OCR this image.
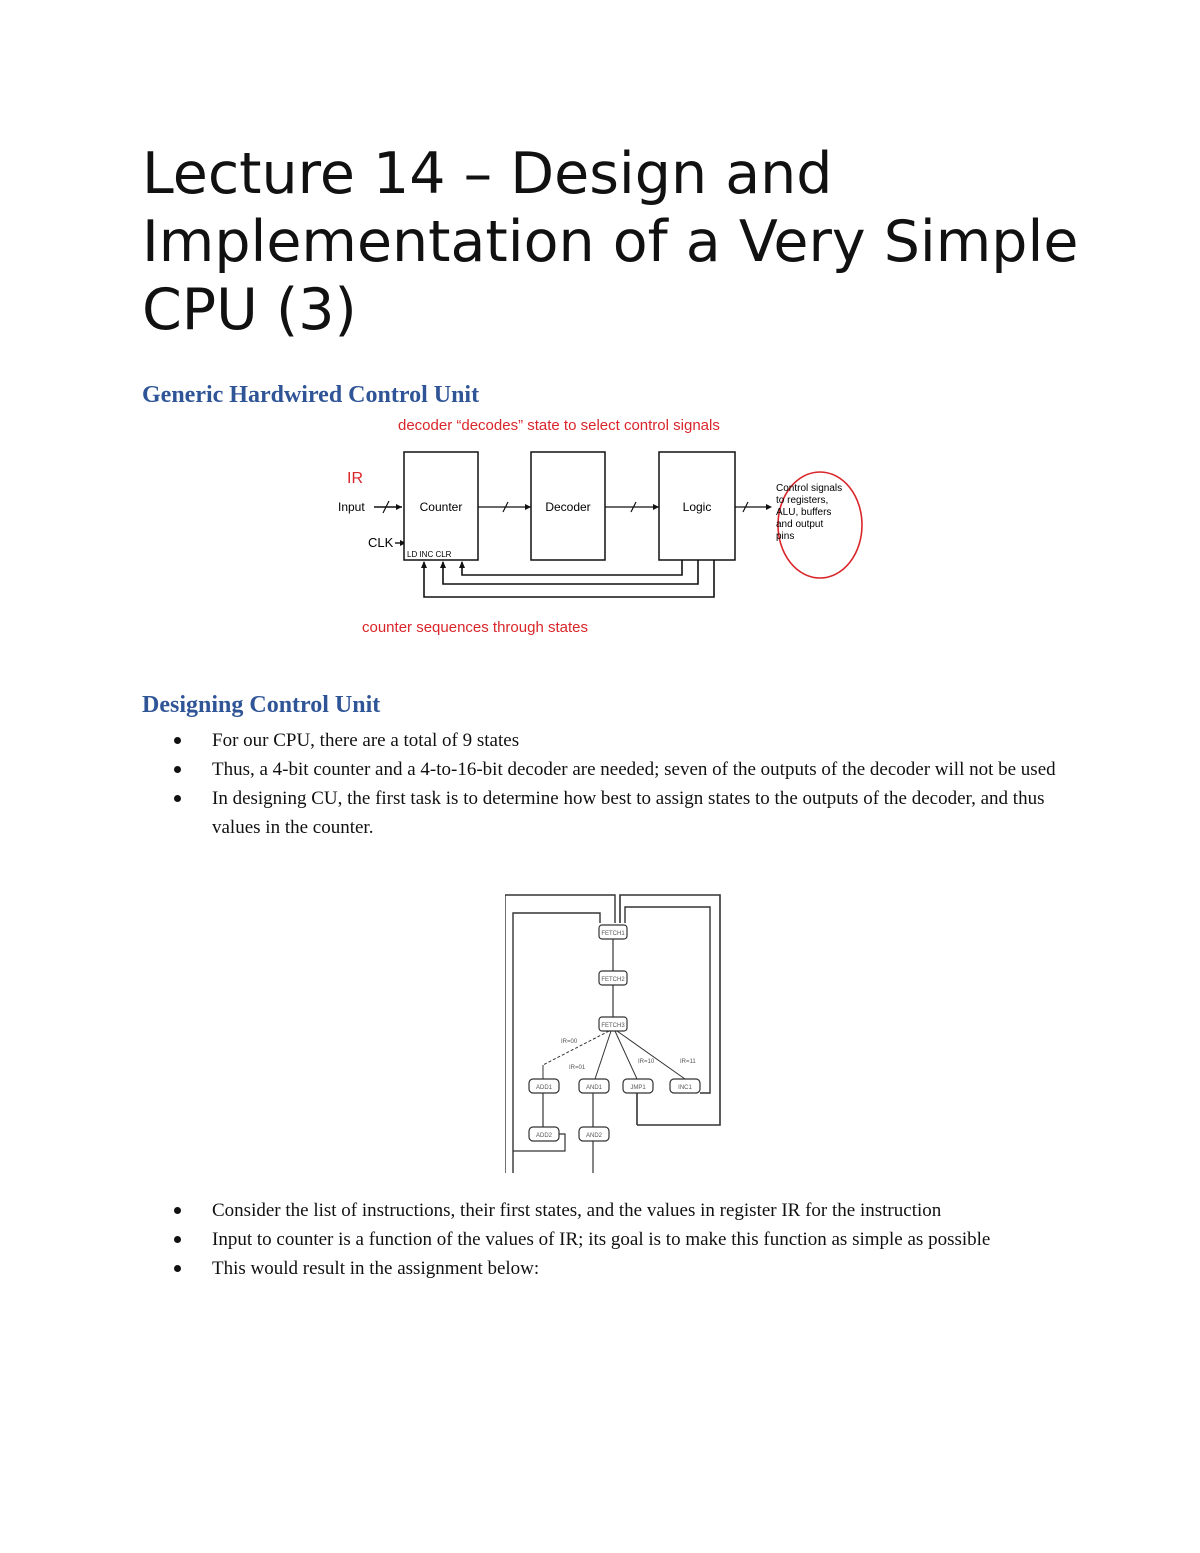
Lecture 14 – Design and Implementation of a Very Simple CPU (3)
Generic Hardwired Control Unit
decoder “decodes” state to select control signals
IR
Input
CLK
Counter
LD INC CLR
Decoder	Logic
Control signals
to registers,
ALU, buffers
and output
pins
counter sequences through states
Designing Control Unit
For our CPU, there are a total of 9 states
Thus, a 4-bit counter and a 4-to-16-bit decoder are needed; seven of the outputs of the decoder will not be used
In designing CU, the first task is to determine how best to assign states to the outputs of the decoder, and thus values in the counter.
FETCH1
FETCH2
FETCH3
IR=00
IR=01
IR=10	IR=11
ADD1	AND1	JMP1	INC1
ADD2	AND2
Consider the list of instructions, their first states, and the values in register IR for the instruction
Input to counter is a function of the values of IR; its goal is to make this function as simple as possible
This would result in the assignment below:
